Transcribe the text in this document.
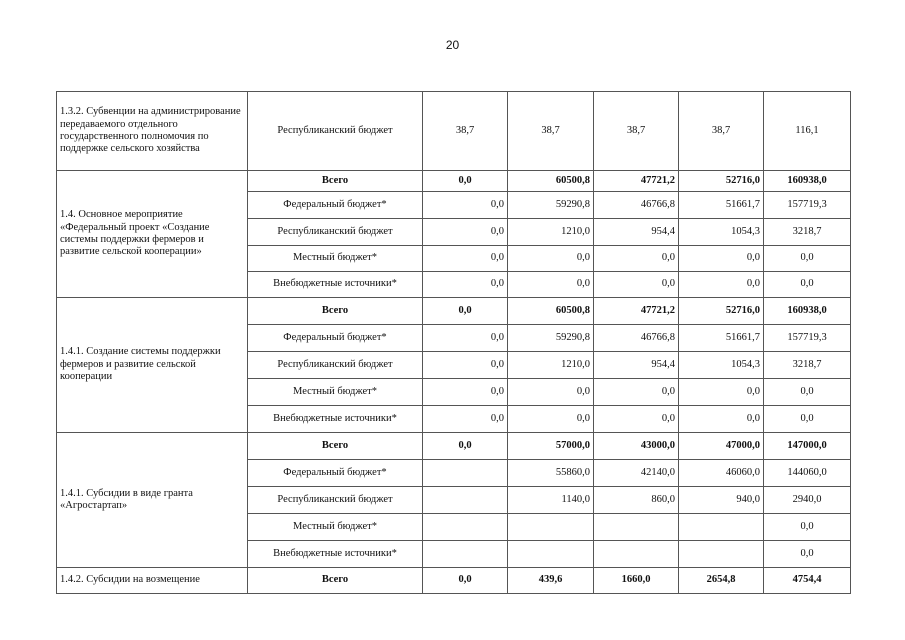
20
1.3.2. Субвенции на администрирование передаваемого отдельного государственного полномочия по поддержке сельского хозяйства	Республиканский бюджет	38,7	38,7	38,7	38,7	116,1
1.4. Основное мероприятие «Федеральный проект «Создание системы поддержки фермеров и развитие сельской кооперации»	Всего	0,0	60500,8	47721,2	52716,0	160938,0
	Федеральный бюджет*	0,0	59290,8	46766,8	51661,7	157719,3
	Республиканский бюджет	0,0	1210,0	954,4	1054,3	3218,7
	Местный бюджет*	0,0	0,0	0,0	0,0	0,0
	Внебюджетные источники*	0,0	0,0	0,0	0,0	0,0
1.4.1. Создание системы поддержки фермеров и развитие сельской кооперации	Всего	0,0	60500,8	47721,2	52716,0	160938,0
	Федеральный бюджет*	0,0	59290,8	46766,8	51661,7	157719,3
	Республиканский бюджет	0,0	1210,0	954,4	1054,3	3218,7
	Местный бюджет*	0,0	0,0	0,0	0,0	0,0
	Внебюджетные источники*	0,0	0,0	0,0	0,0	0,0
1.4.1. Субсидии в виде гранта «Агростартап»	Всего	0,0	57000,0	43000,0	47000,0	147000,0
	Федеральный бюджет*		55860,0	42140,0	46060,0	144060,0
	Республиканский бюджет		1140,0	860,0	940,0	2940,0
	Местный бюджет*					0,0
	Внебюджетные источники*					0,0
1.4.2. Субсидии на возмещение	Всего	0,0	439,6	1660,0	2654,8	4754,4
